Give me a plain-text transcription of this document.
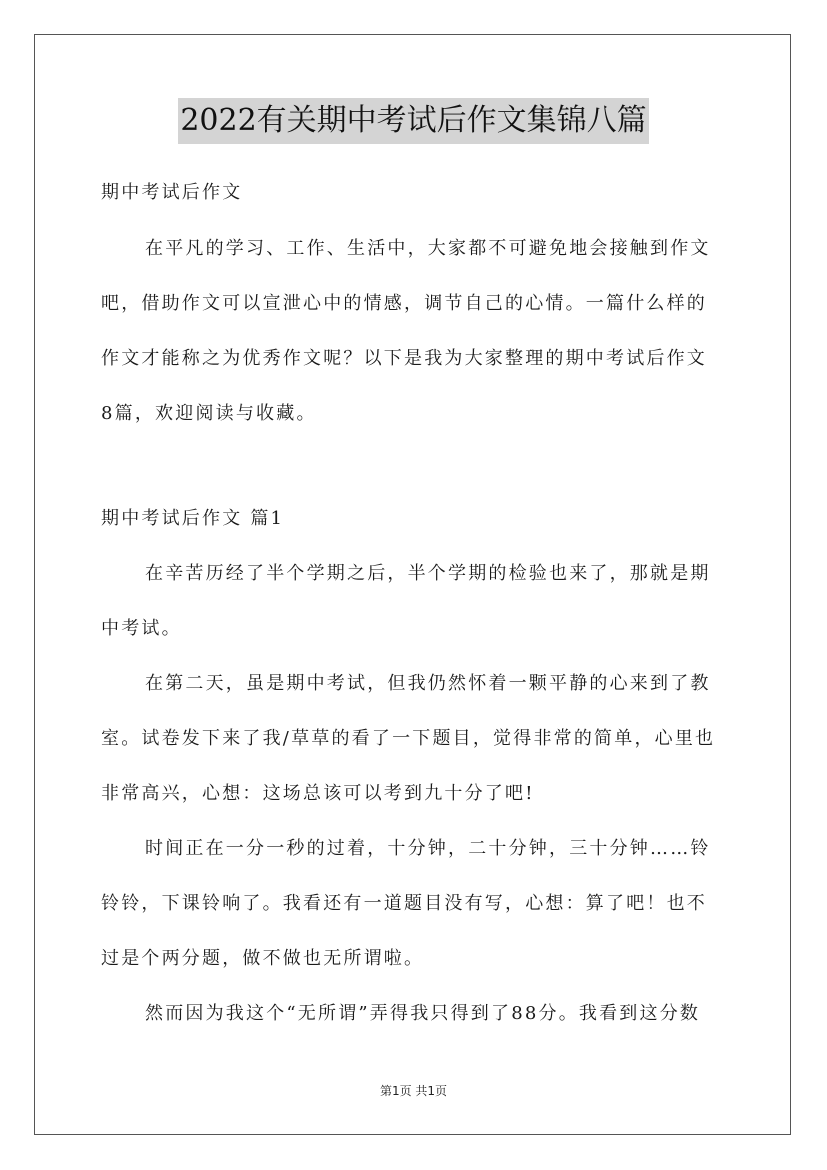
2022有关期中考试后作文集锦八篇
期中考试后作文
在平凡的学习、工作、生活中，大家都不可避免地会接触到作文
吧，借助作文可以宣泄心中的情感，调节自己的心情。一篇什么样的
作文才能称之为优秀作文呢？以下是我为大家整理的期中考试后作文
8篇，欢迎阅读与收藏。
期中考试后作文 篇1
在辛苦历经了半个学期之后，半个学期的检验也来了，那就是期
中考试。
在第二天，虽是期中考试，但我仍然怀着一颗平静的心来到了教
室。试卷发下来了我/草草的看了一下题目，觉得非常的简单，心里也
非常高兴，心想：这场总该可以考到九十分了吧!
时间正在一分一秒的过着，十分钟，二十分钟，三十分钟……铃
铃铃，下课铃响了。我看还有一道题目没有写，心想：算了吧！也不
过是个两分题，做不做也无所谓啦。
然而因为我这个“无所谓”弄得我只得到了88分。我看到这分数
第1页 共1页
